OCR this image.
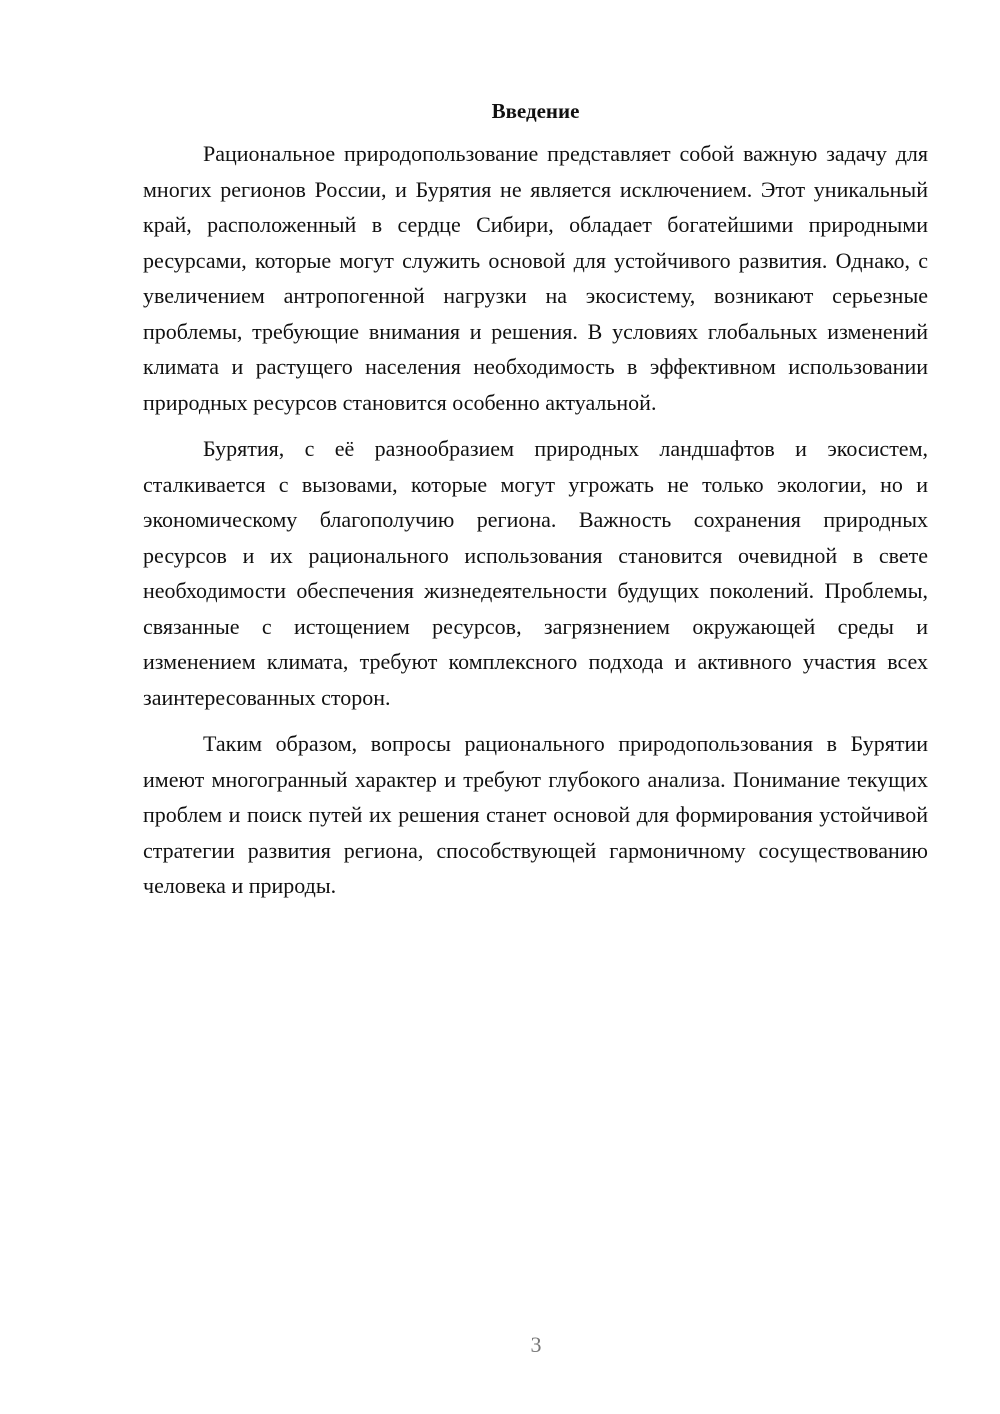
Введение

Рациональное природопользование представляет собой важную задачу для многих регионов России, и Бурятия не является исключением. Этот уникальный край, расположенный в сердце Сибири, обладает богатейшими природными ресурсами, которые могут служить основой для устойчивого развития. Однако, с увеличением антропогенной нагрузки на экосистему, возникают серьезные проблемы, требующие внимания и решения. В условиях глобальных изменений климата и растущего населения необходимость в эффективном использовании природных ресурсов становится особенно актуальной.

Бурятия, с её разнообразием природных ландшафтов и экосистем, сталкивается с вызовами, которые могут угрожать не только экологии, но и экономическому благополучию региона. Важность сохранения природных ресурсов и их рационального использования становится очевидной в свете необходимости обеспечения жизнедеятельности будущих поколений. Проблемы, связанные с истощением ресурсов, загрязнением окружающей среды и изменением климата, требуют комплексного подхода и активного участия всех заинтересованных сторон.

Таким образом, вопросы рационального природопользования в Бурятии имеют многогранный характер и требуют глубокого анализа. Понимание текущих проблем и поиск путей их решения станет основой для формирования устойчивой стратегии развития региона, способствующей гармоничному сосуществованию человека и природы.

3
